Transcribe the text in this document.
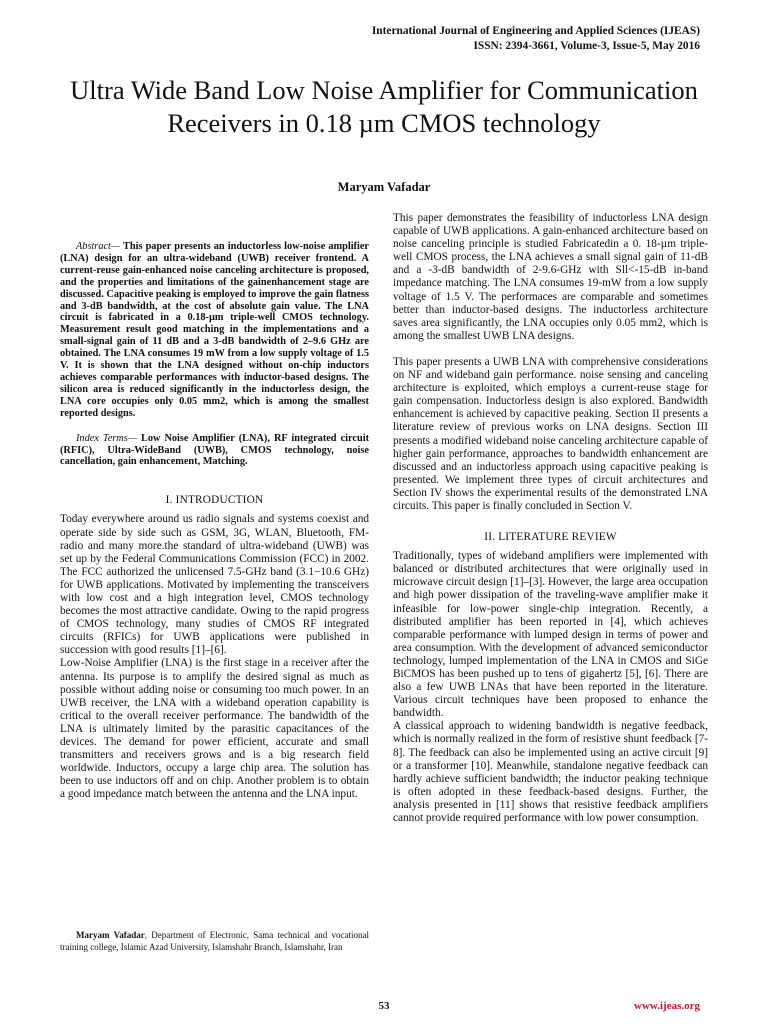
International Journal of Engineering and Applied Sciences (IJEAS)
ISSN: 2394-3661, Volume-3, Issue-5, May 2016
Ultra Wide Band Low Noise Amplifier for Communication Receivers in 0.18 µm CMOS technology
Maryam Vafadar

Abstract— This paper presents an inductorless low-noise amplifier (LNA) design for an ultra-wideband (UWB) receiver frontend. A current-reuse gain-enhanced noise canceling architecture is proposed, and the properties and limitations of the gainenhancement stage are discussed. Capacitive peaking is employed to improve the gain flatness and 3-dB bandwidth, at the cost of absolute gain value. The LNA circuit is fabricated in a 0.18-µm triple-well CMOS technology. Measurement result good matching in the implementations and a small-signal gain of 11 dB and a 3-dB bandwidth of 2–9.6 GHz are obtained. The LNA consumes 19 mW from a low supply voltage of 1.5 V. It is shown that the LNA designed without on-chip inductors achieves comparable performances with inductor-based designs. The silicon area is reduced significantly in the inductorless design, the LNA core occupies only 0.05 mm2, which is among the smallest reported designs.

Index Terms— Low Noise Amplifier (LNA), RF integrated circuit (RFIC), Ultra-WideBand (UWB), CMOS technology, noise cancellation, gain enhancement, Matching.

I. INTRODUCTION

Today everywhere around us radio signals and systems coexist and operate side by side such as GSM, 3G, WLAN, Bluetooth, FM-radio and many more.the standard of ultra-wideband (UWB) was set up by the Federal Communications Commission (FCC) in 2002. The FCC authorized the unlicensed 7.5-GHz band (3.1−10.6 GHz) for UWB applications. Motivated by implementing the transceivers with low cost and a high integration level, CMOS technology becomes the most attractive candidate. Owing to the rapid progress of CMOS technology, many studies of CMOS RF integrated circuits (RFICs) for UWB applications were published in succession with good results [1]–[6].

Low-Noise Amplifier (LNA) is the first stage in a receiver after the antenna. Its purpose is to amplify the desired signal as much as possible without adding noise or consuming too much power. In an UWB receiver, the LNA with a wideband operation capability is critical to the overall receiver performance. The bandwidth of the LNA is ultimately limited by the parasitic capacitances of the devices. The demand for power efficient, accurate and small transmitters and receivers grows and is a big research field worldwide. Inductors, occupy a large chip area. The solution has been to use inductors off and on chip. Another problem is to obtain a good impedance match between the antenna and the LNA input.

This paper demonstrates the feasibility of inductorless LNA design capable of UWB applications. A gain-enhanced architecture based on noise canceling principle is studied Fabricatedin a 0. 18-µm triple-well CMOS process, the LNA achieves a small signal gain of 11-dB and a -3-dB bandwidth of 2-9.6-GHz with Sll<-15-dB in-band impedance matching. The LNA consumes 19-mW from a low supply voltage of 1.5 V. The performaces are comparable and sometimes better than inductor-based designs. The inductorless architecture saves area significantly, the LNA occupies only 0.05 mm2, which is among the smallest UWB LNA designs.

This paper presents a UWB LNA with comprehensive considerations on NF and wideband gain performance. noise sensing and canceling architecture is exploited, which employs a current-reuse stage for gain compensation. Inductorless design is also explored. Bandwidth enhancement is achieved by capacitive peaking. Section II presents a literature review of previous works on LNA designs. Section III presents a modified wideband noise canceling architecture capable of higher gain performance, approaches to bandwidth enhancement are discussed and an inductorless approach using capacitive peaking is presented. We implement three types of circuit architectures and Section IV shows the experimental results of the demonstrated LNA circuits. This paper is finally concluded in Section V.

II. LITERATURE REVIEW

Traditionally, types of wideband amplifiers were implemented with balanced or distributed architectures that were originally used in microwave circuit design [1]–[3]. However, the large area occupation and high power dissipation of the traveling-wave amplifier make it infeasible for low-power single-chip integration. Recently, a distributed amplifier has been reported in [4], which achieves comparable performance with lumped design in terms of power and area consumption. With the development of advanced semiconductor technology, lumped implementation of the LNA in CMOS and SiGe BiCMOS has been pushed up to tens of gigahertz [5], [6]. There are also a few UWB LNAs that have been reported in the literature. Various circuit techniques have been proposed to enhance the bandwidth.

A classical approach to widening bandwidth is negative feedback, which is normally realized in the form of resistive shunt feedback [7-8]. The feedback can also be implemented using an active circuit [9] or a transformer [10]. Meanwhile, standalone negative feedback can hardly achieve sufficient bandwidth; the inductor peaking technique is often adopted in these feedback-based designs. Further, the analysis presented in [11] shows that resistive feedback amplifiers cannot provide required performance with low power consumption.

Maryam Vafadar, Department of Electronic, Sama technical and vocational training college, Islamic Azad University, Islamshahr Branch, Islamshahr, Iran
53	www.ijeas.org
